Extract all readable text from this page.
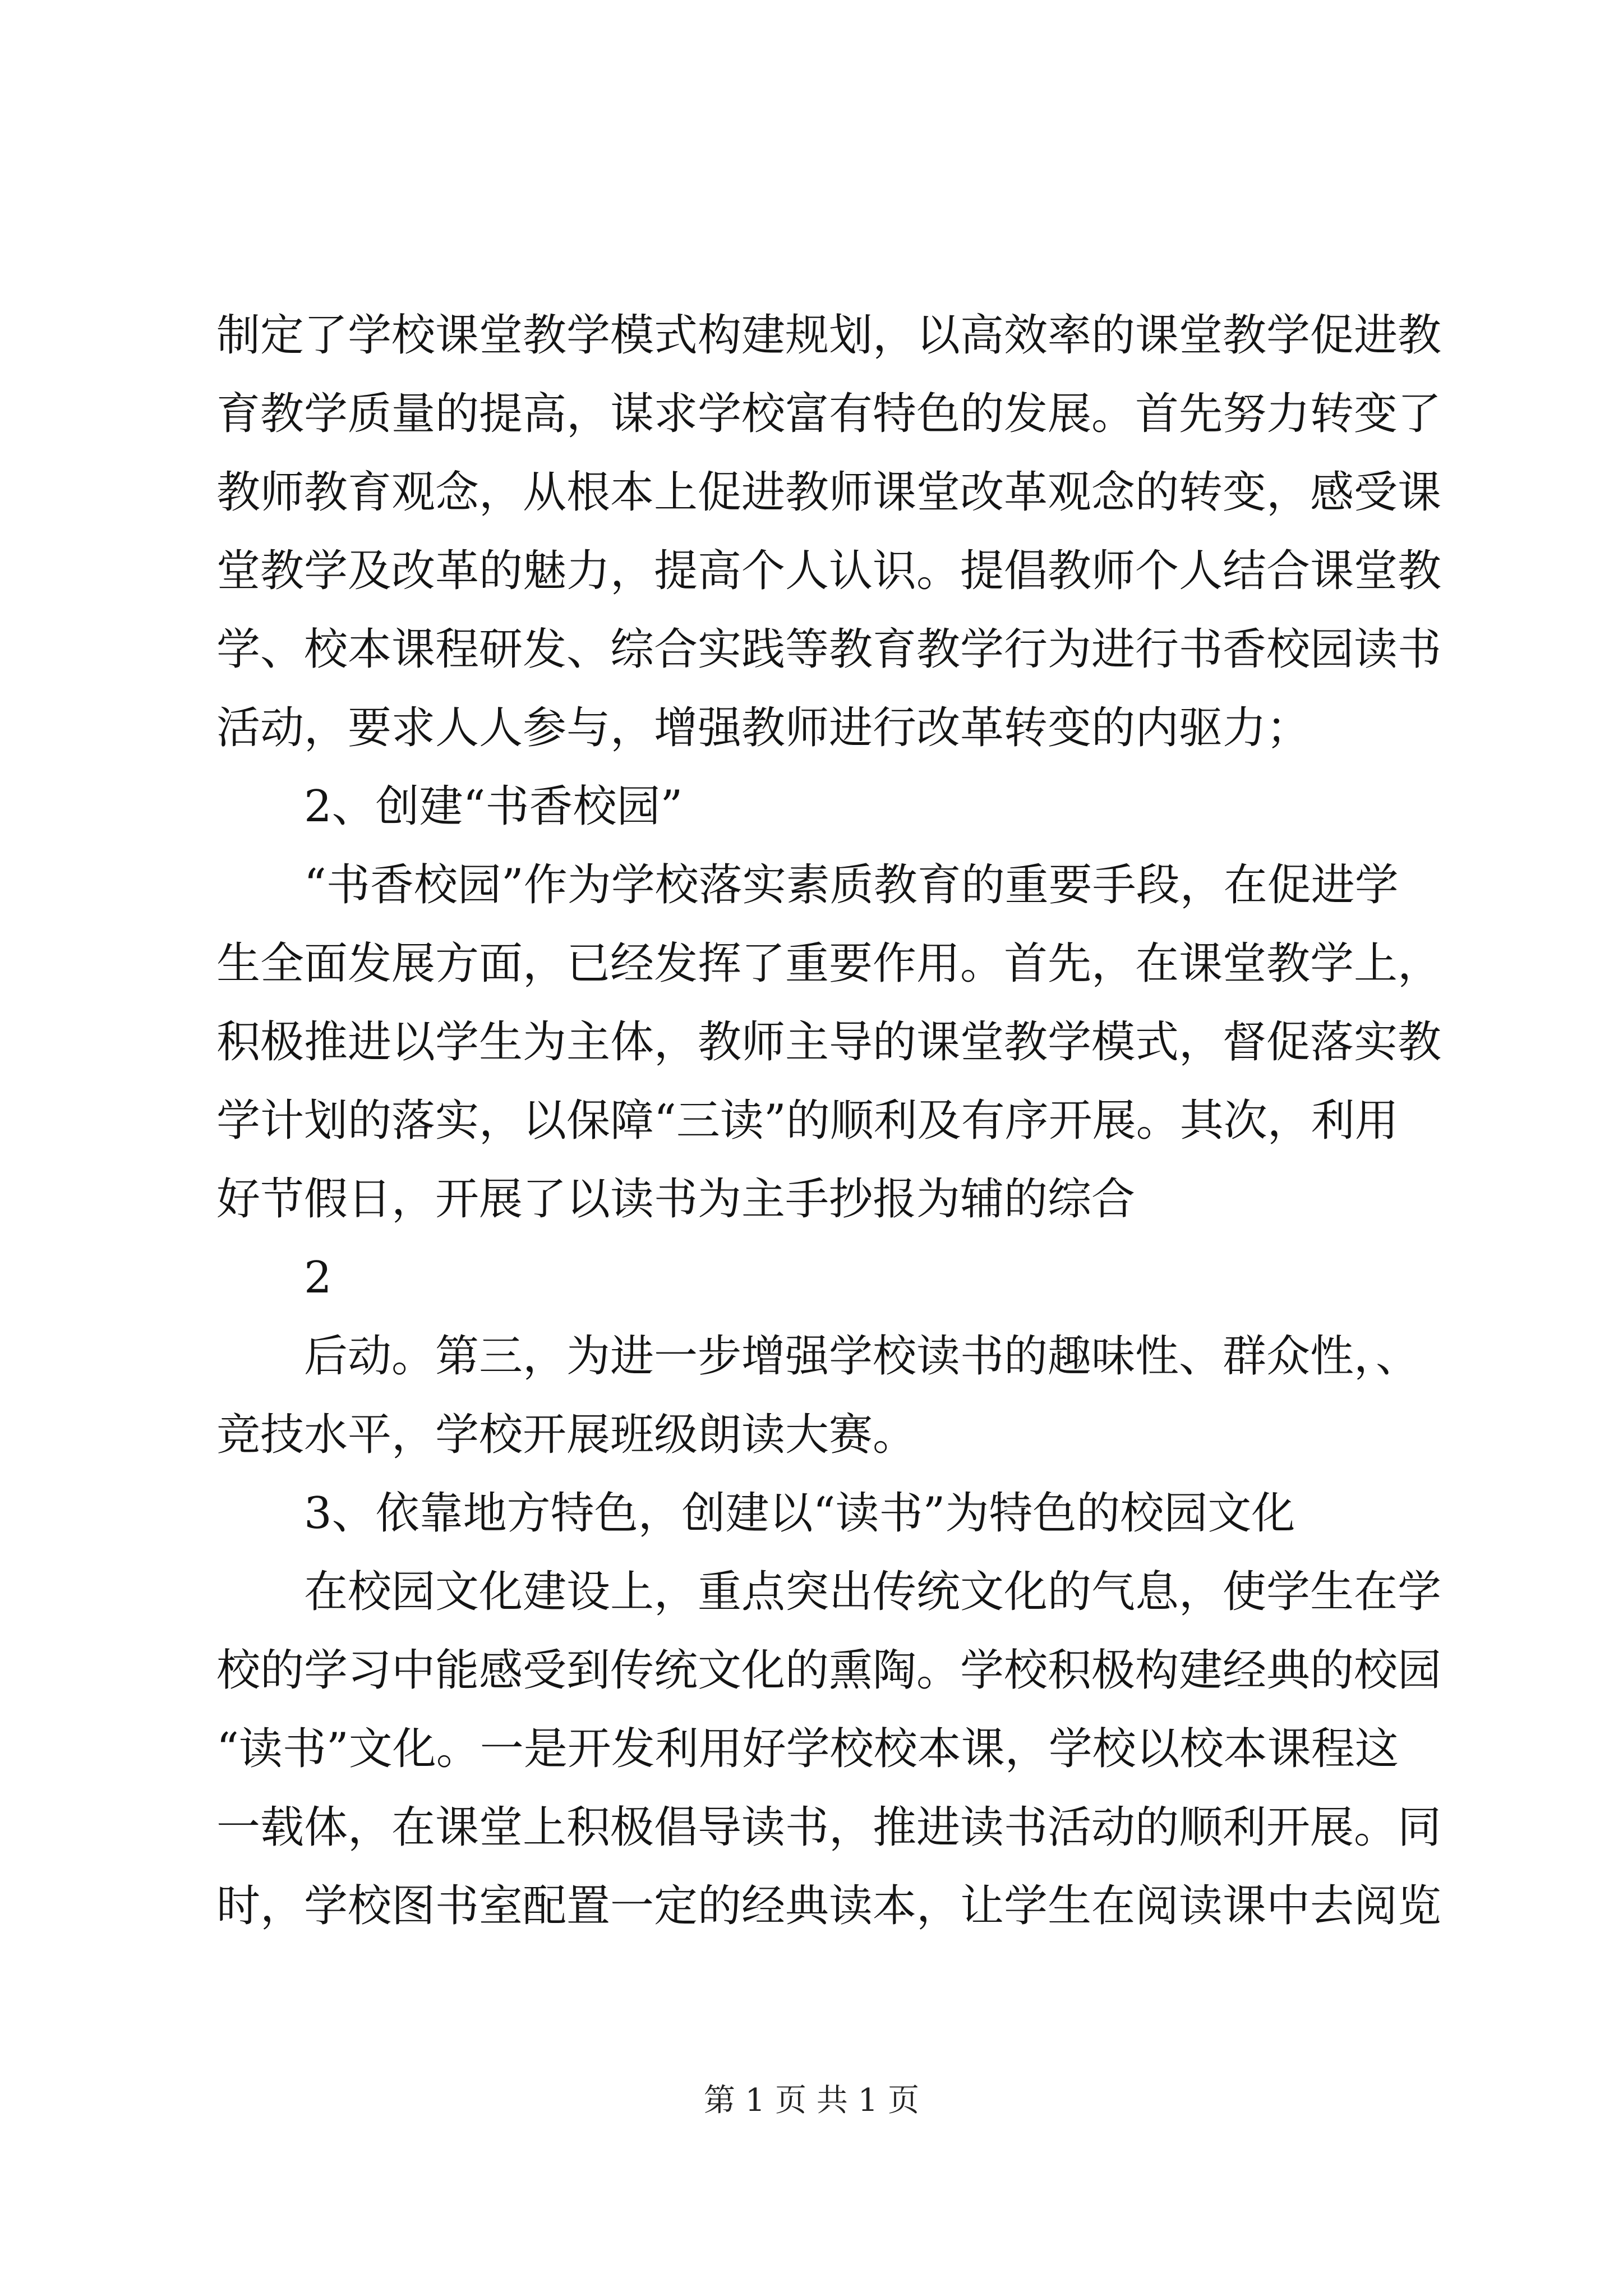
制定了学校课堂教学模式构建规划，以高效率的课堂教学促进教
育教学质量的提高，谋求学校富有特色的发展。首先努力转变了
教师教育观念，从根本上促进教师课堂改革观念的转变，感受课
堂教学及改革的魅力，提高个人认识。提倡教师个人结合课堂教
学、校本课程研发、综合实践等教育教学行为进行书香校园读书
活动，要求人人参与，增强教师进行改革转变的内驱力；
2、创建“书香校园”
“书香校园”作为学校落实素质教育的重要手段，在促进学
生全面发展方面，已经发挥了重要作用。首先，在课堂教学上，
积极推进以学生为主体，教师主导的课堂教学模式，督促落实教
学计划的落实，以保障“三读”的顺利及有序开展。其次，利用
好节假日，开展了以读书为主手抄报为辅的综合
2
后动。第三，为进一步增强学校读书的趣味性、群众性，、
竞技水平，学校开展班级朗读大赛。
3、依靠地方特色，创建以“读书”为特色的校园文化
在校园文化建设上，重点突出传统文化的气息，使学生在学
校的学习中能感受到传统文化的熏陶。学校积极构建经典的校园
“读书”文化。一是开发利用好学校校本课，学校以校本课程这
一载体，在课堂上积极倡导读书，推进读书活动的顺利开展。同
时，学校图书室配置一定的经典读本，让学生在阅读课中去阅览
第 1 页 共 1 页
